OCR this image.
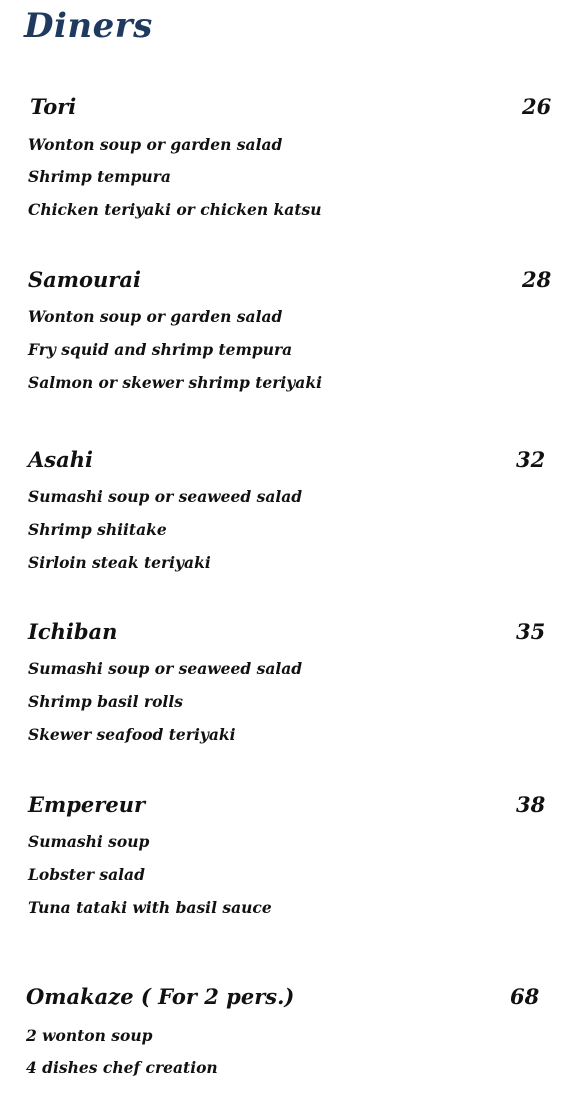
Diners
Tori	26
Wonton soup or garden salad
Shrimp tempura
Chicken teriyaki or chicken katsu
Samourai	28
Wonton soup or garden salad
Fry squid and shrimp tempura
Salmon or skewer shrimp teriyaki
Asahi	32
Sumashi soup or seaweed salad
Shrimp shiitake
Sirloin steak teriyaki
Ichiban	35
Sumashi soup or seaweed salad
Shrimp basil rolls
Skewer seafood teriyaki
Empereur	38
Sumashi soup
Lobster salad
Tuna tataki with basil sauce
Omakaze ( For 2 pers.)	68
2 wonton soup
4 dishes chef creation
